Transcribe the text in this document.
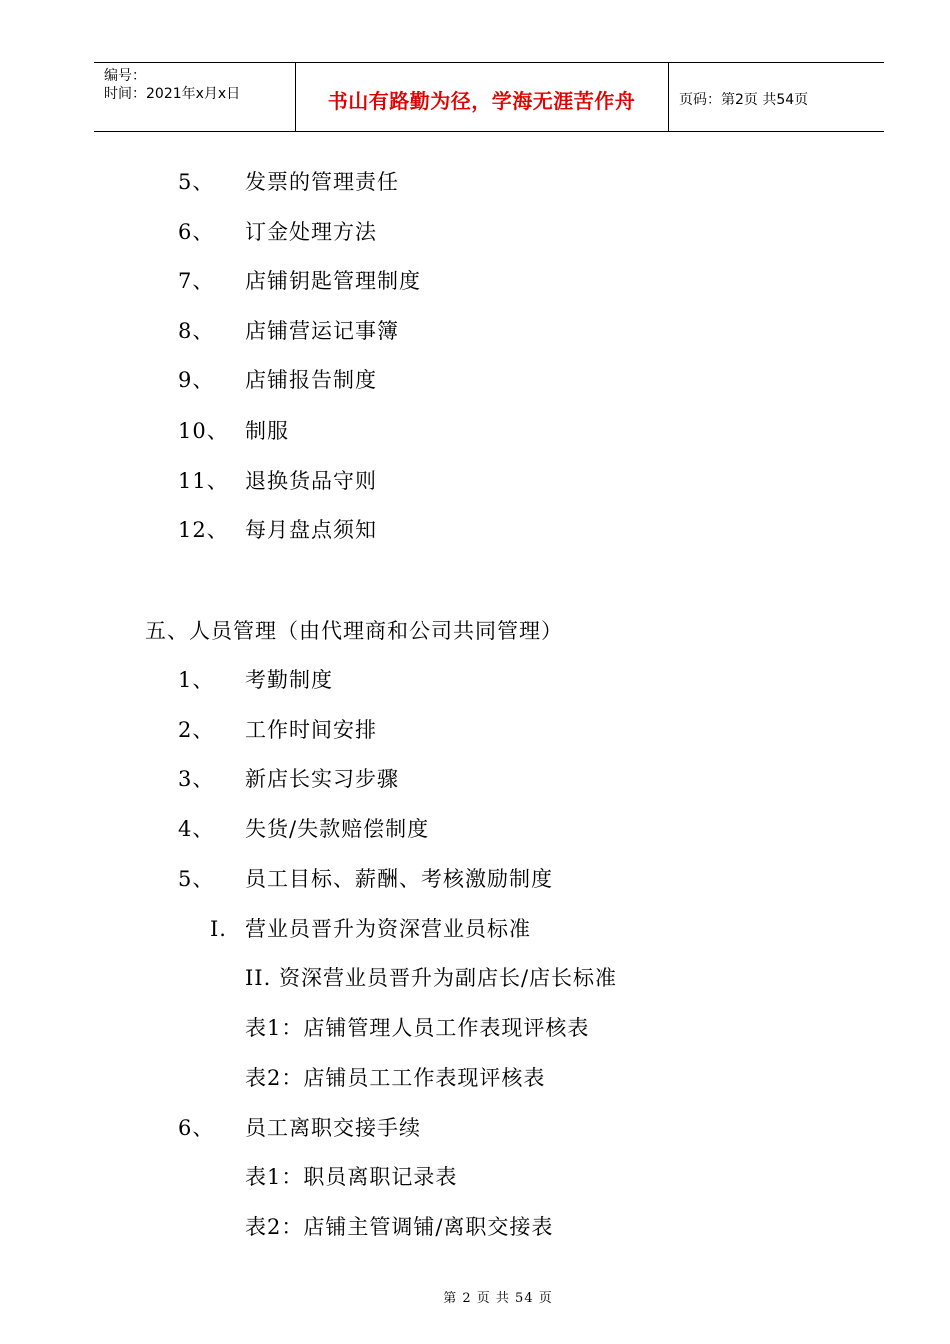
编号：
时间：2021年x月x日	书山有路勤为径，学海无涯苦作舟	页码：第2页 共54页
5、 发票的管理责任
6、 订金处理方法
7、 店铺钥匙管理制度
8、 店铺营运记事簿
9、 店铺报告制度
10、 制服
11、 退换货品守则
12、 每月盘点须知
五、人员管理（由代理商和公司共同管理）
1、 考勤制度
2、 工作时间安排
3、 新店长实习步骤
4、 失货/失款赔偿制度
5、 员工目标、薪酬、考核激励制度
I. 营业员晋升为资深营业员标准
II. 资深营业员晋升为副店长/店长标准
表1：店铺管理人员工作表现评核表
表2：店铺员工工作表现评核表
6、 员工离职交接手续
表1：职员离职记录表
表2：店铺主管调铺/离职交接表
第 2 页 共 54 页
